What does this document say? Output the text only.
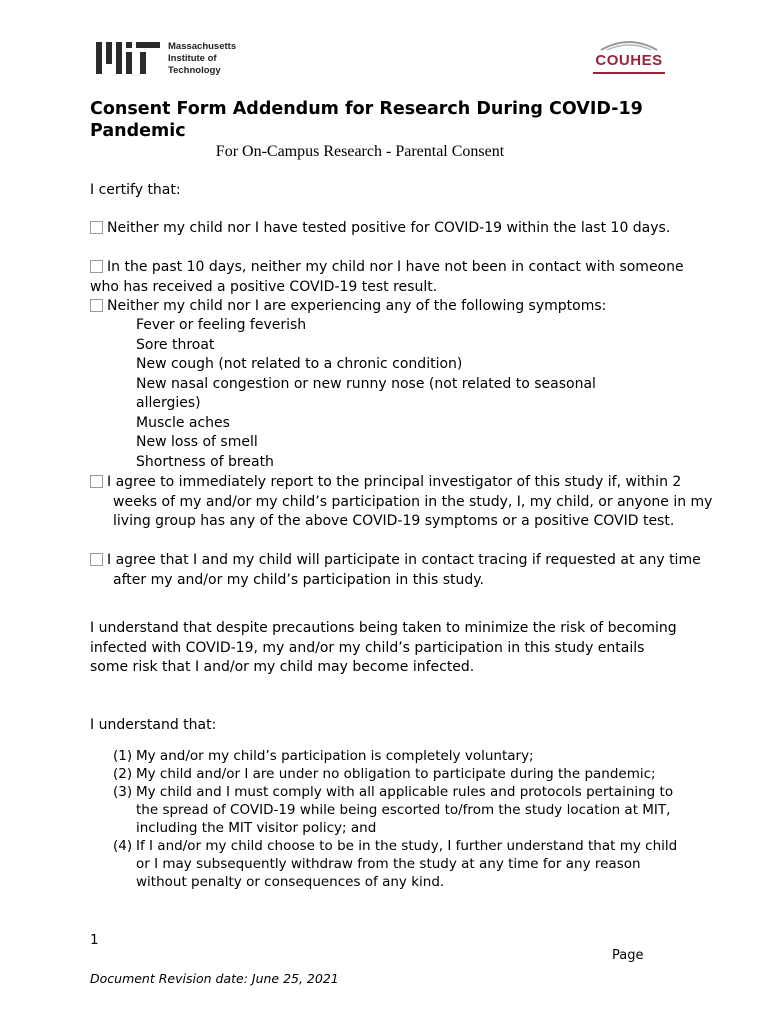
Massachusetts
Institute of
Technology
COUHES
Consent Form Addendum for Research During COVID-19 Pandemic
For On-Campus Research - Parental Consent
I certify that:
Neither my child nor I have tested positive for COVID-19 within the last 10 days.
In the past 10 days, neither my child nor I have not been in contact with someone who has received a positive COVID-19 test result.
Neither my child nor I are experiencing any of the following symptoms:
Fever or feeling feverish
Sore throat
New cough (not related to a chronic condition)
New nasal congestion or new runny nose (not related to seasonal allergies)
Muscle aches
New loss of smell
Shortness of breath
I agree to immediately report to the principal investigator of this study if, within 2 weeks of my and/or my child’s participation in the study, I, my child, or anyone in my living group has any of the above COVID-19 symptoms or a positive COVID test.
I agree that I and my child will participate in contact tracing if requested at any time after my and/or my child’s participation in this study.
I understand that despite precautions being taken to minimize the risk of becoming infected with COVID-19, my and/or my child’s participation in this study entails some risk that I and/or my child may become infected.
I understand that:
(1) My and/or my child’s participation is completely voluntary;
(2) My child and/or I are under no obligation to participate during the pandemic;
(3) My child and I must comply with all applicable rules and protocols pertaining to the spread of COVID-19 while being escorted to/from the study location at MIT, including the MIT visitor policy; and
(4) If I and/or my child choose to be in the study, I further understand that my child or I may subsequently withdraw from the study at any time for any reason without penalty or consequences of any kind.
1
Page
Document Revision date: June 25, 2021
